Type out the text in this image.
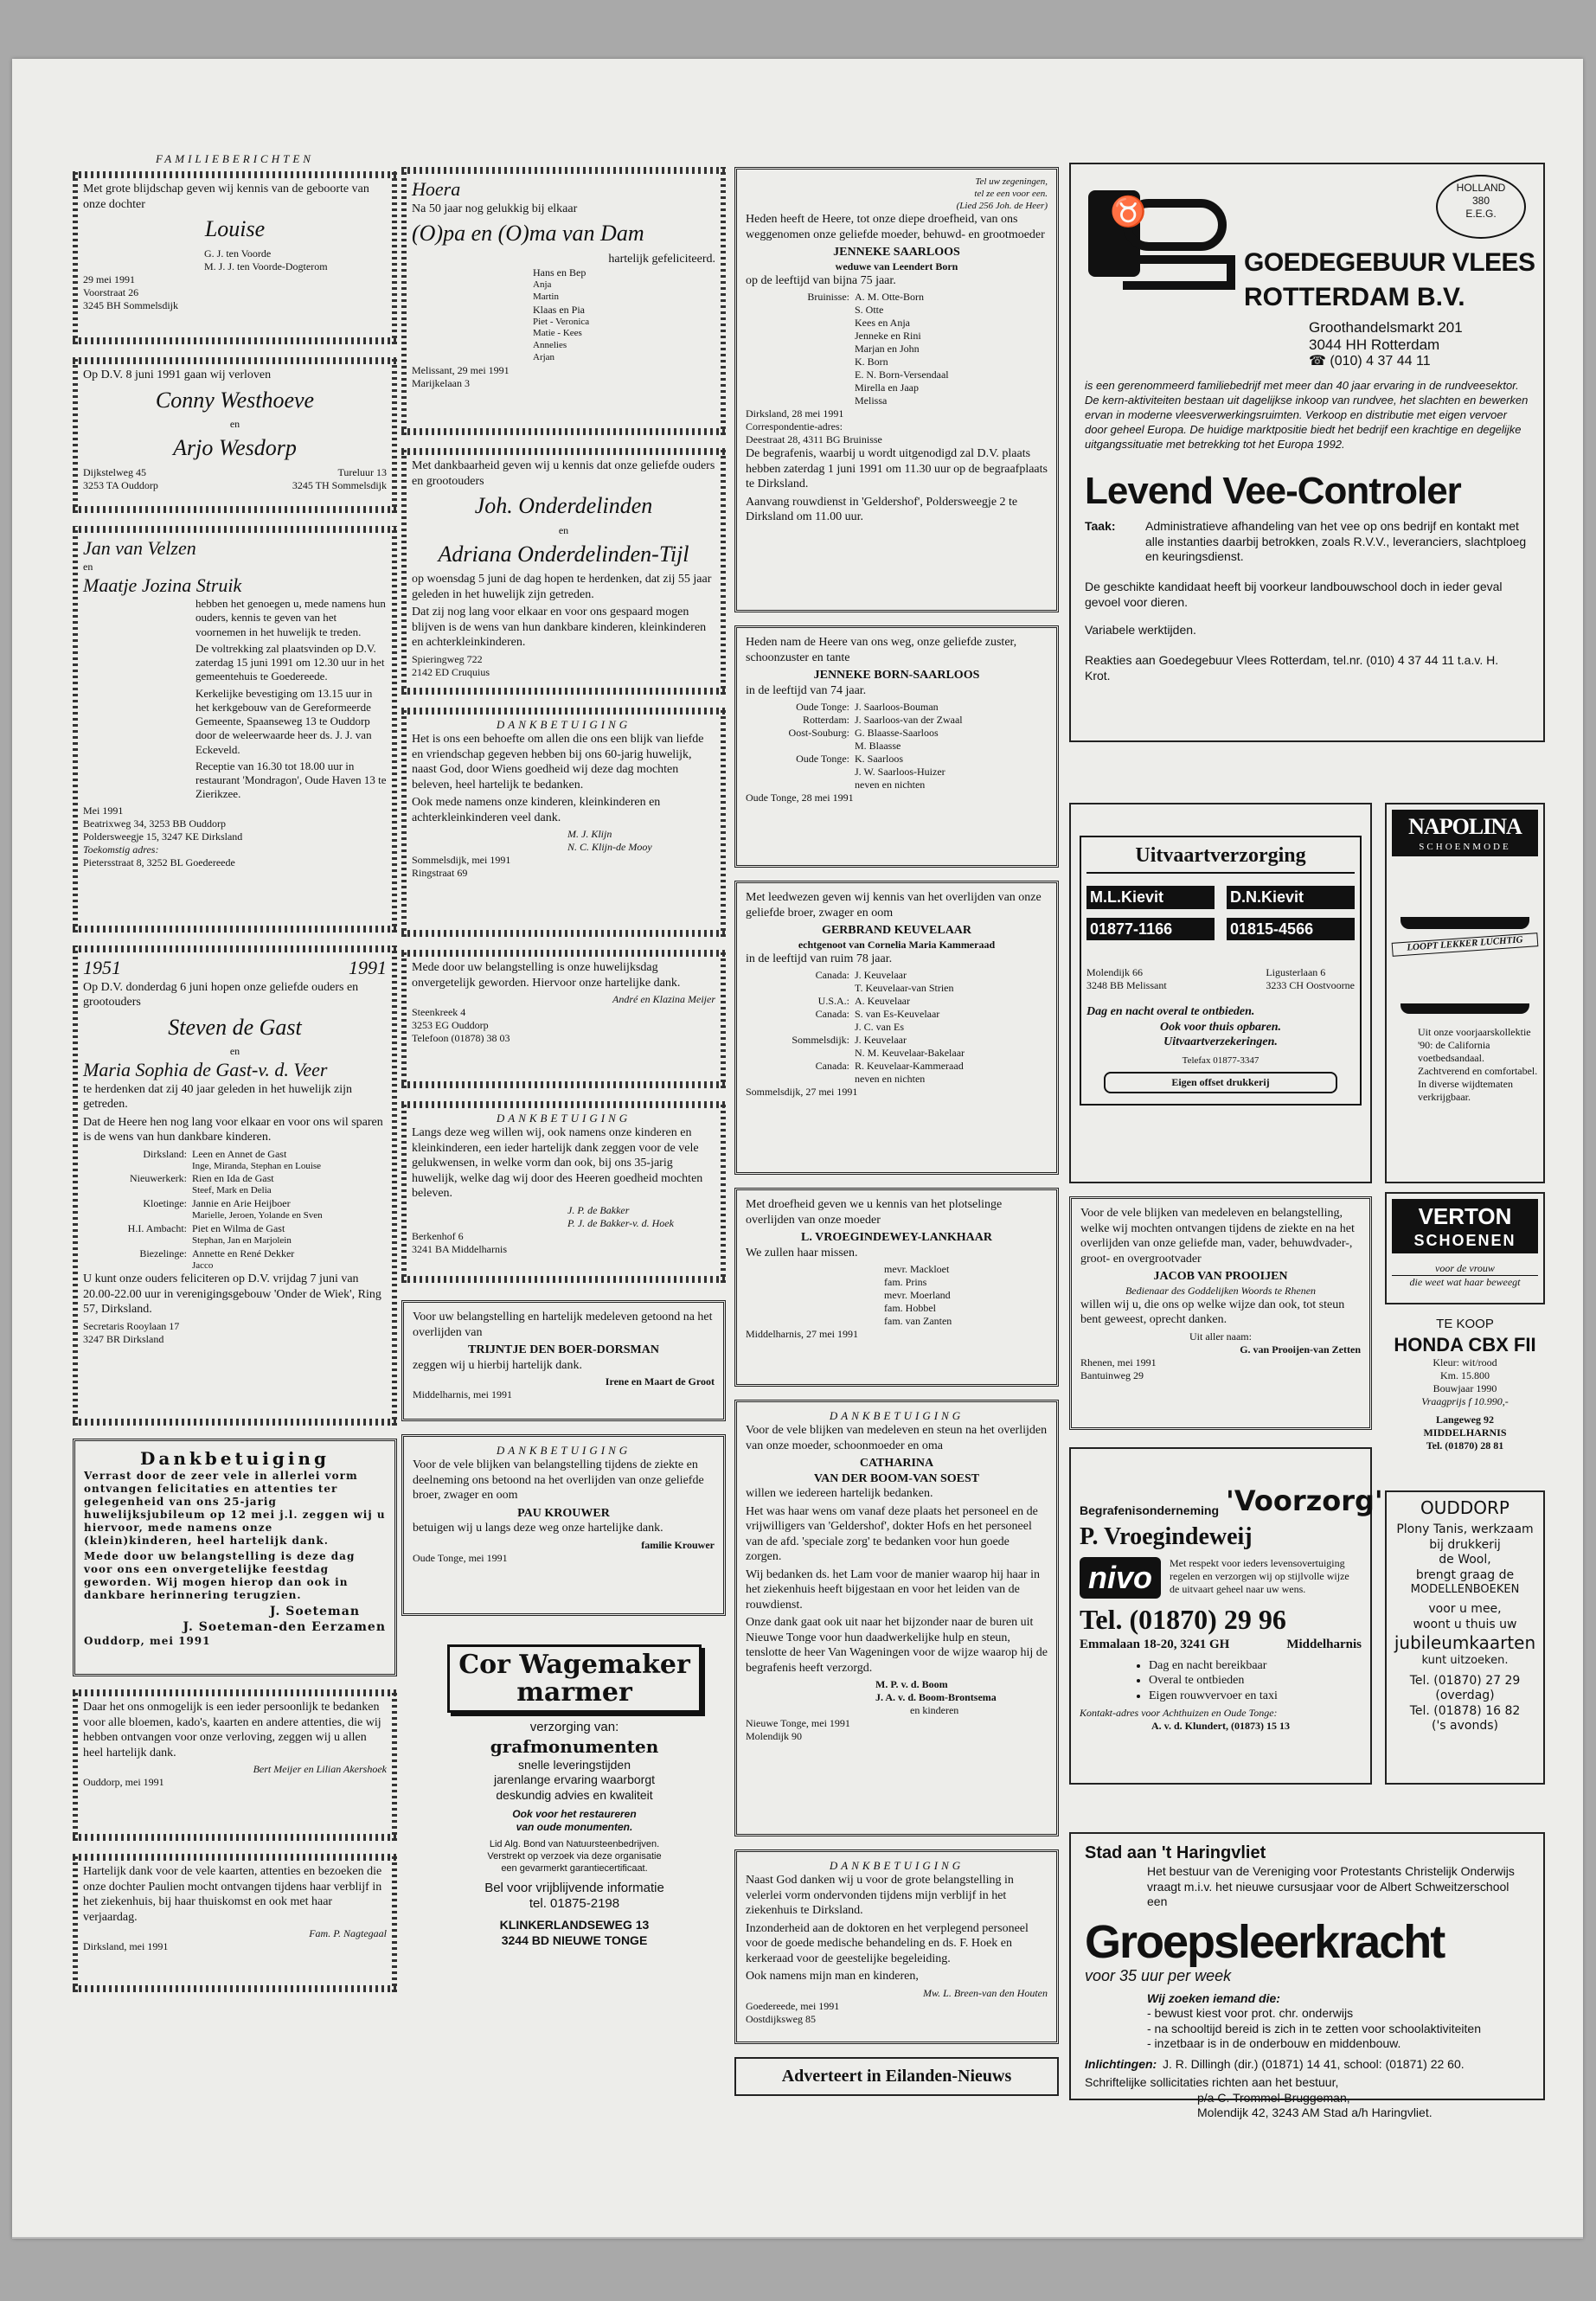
FAMILIEBERICHTEN

Met grote blijdschap geven wij kennis van de geboorte van onze dochter

Louise
G. J. ten Voorde
M. J. J. ten Voorde-Dogterom
29 mei 1991
Voorstraat 26
3245 BH Sommelsdijk

Op D.V. 8 juni 1991 gaan wij verloven

Conny Westhoeve
en
Arjo Wesdorp
Dijkstelweg 45	Tureluur 13
3253 TA Ouddorp	3245 TH Sommelsdijk
Jan van Velzen
en
Maatje Jozina Struik

hebben het genoegen u, mede namens hun ouders, kennis te geven van het voornemen in het huwelijk te treden.

De voltrekking zal plaatsvinden op D.V. zaterdag 15 juni 1991 om 12.30 uur in het gemeentehuis te Goedereede.

Kerkelijke bevestiging om 13.15 uur in het kerkgebouw van de Gereformeerde Gemeente, Spaanseweg 13 te Ouddorp door de weleerwaarde heer ds. J. J. van Eckeveld.

Receptie van 16.30 tot 18.00 uur in restaurant 'Mondragon', Oude Haven 13 te Zierikzee.

Mei 1991
Beatrixweg 34, 3253 BB Ouddorp
Poldersweegje 15, 3247 KE Dirksland
Toekomstig adres:
Pietersstraat 8, 3252 BL Goedereede
1951	1991

Op D.V. donderdag 6 juni hopen onze geliefde ouders en grootouders

Steven de Gast
en
Maria Sophia de Gast-v. d. Veer

te herdenken dat zij 40 jaar geleden in het huwelijk zijn getreden.

Dat de Heere hen nog lang voor elkaar en voor ons wil sparen is de wens van hun dankbare kinderen.

Dirksland: Leen en Annet de Gast
Inge, Miranda, Stephan en Louise
Nieuwerkerk: Rien en Ida de Gast
Steef, Mark en Delia
Kloetinge: Jannie en Arie Heijboer
Marielle, Jeroen, Yolande en Sven
H.I. Ambacht: Piet en Wilma de Gast
Stephan, Jan en Marjolein
Biezelinge: Annette en René Dekker
Jacco

U kunt onze ouders feliciteren op D.V. vrijdag 7 juni van 20.00-22.00 uur in verenigingsgebouw 'Onder de Wiek', Ring 57, Dirksland.

Secretaris Rooylaan 17
3247 BR Dirksland
Dankbetuiging

Verrast door de zeer vele in allerlei vorm ontvangen felicitaties en attenties ter gelegenheid van ons 25-jarig huwelijksjubileum op 12 mei j.l. zeggen wij u hiervoor, mede namens onze (klein)kinderen, heel hartelijk dank.

Mede door uw belangstelling is deze dag voor ons een onvergetelijke feestdag geworden. Wij mogen hierop dan ook in dankbare herinnering terugzien.

J. Soeteman
J. Soeteman-den Eerzamen
Ouddorp, mei 1991

Daar het ons onmogelijk is een ieder persoonlijk te bedanken voor alle bloemen, kado's, kaarten en andere attenties, die wij hebben ontvangen voor onze verloving, zeggen wij u allen heel hartelijk dank.

Bert Meijer en Lilian Akershoek
Ouddorp, mei 1991

Hartelijk dank voor de vele kaarten, attenties en bezoeken die onze dochter Paulien mocht ontvangen tijdens haar verblijf in het ziekenhuis, bij haar thuiskomst en ook met haar verjaardag.

Fam. P. Nagtegaal
Dirksland, mei 1991
Hoera
Na 50 jaar nog gelukkig bij elkaar
(O)pa en (O)ma van Dam
hartelijk gefeliciteerd.
Hans en Bep
Anja
Martin
Klaas en Pia
Piet - Veronica
Matie - Kees
Annelies
Arjan
Melissant, 29 mei 1991
Marijkelaan 3

Met dankbaarheid geven wij u kennis dat onze geliefde ouders en grootouders

Joh. Onderdelinden
en
Adriana Onderdelinden-Tijl

op woensdag 5 juni de dag hopen te herdenken, dat zij 55 jaar geleden in het huwelijk zijn getreden.

Dat zij nog lang voor elkaar en voor ons gespaard mogen blijven is de wens van hun dankbare kinderen, kleinkinderen en achterkleinkinderen.

Spieringweg 722
2142 ED Cruquius
DANKBETUIGING

Het is ons een behoefte om allen die ons een blijk van liefde en vriendschap gegeven hebben bij ons 60-jarig huwelijk, naast God, door Wiens goedheid wij deze dag mochten beleven, heel hartelijk te bedanken.

Ook mede namens onze kinderen, kleinkinderen en achterkleinkinderen veel dank.

M. J. Klijn
N. C. Klijn-de Mooy
Sommelsdijk, mei 1991
Ringstraat 69

Mede door uw belangstelling is onze huwelijksdag onvergetelijk geworden. Hiervoor onze hartelijke dank.

André en Klazina Meijer
Steenkreek 4
3253 EG Ouddorp
Telefoon (01878) 38 03
DANKBETUIGING

Langs deze weg willen wij, ook namens onze kinderen en kleinkinderen, een ieder hartelijk dank zeggen voor de vele gelukwensen, in welke vorm dan ook, bij ons 35-jarig huwelijk, welke dag wij door des Heeren goedheid mochten beleven.

J. P. de Bakker
P. J. de Bakker-v. d. Hoek
Berkenhof 6
3241 BA Middelharnis

Voor uw belangstelling en hartelijk medeleven getoond na het overlijden van

TRIJNTJE DEN BOER-DORSMAN

zeggen wij u hierbij hartelijk dank.

Irene en Maart de Groot
Middelharnis, mei 1991
DANKBETUIGING

Voor de vele blijken van belangstelling tijdens de ziekte en deelneming ons betoond na het overlijden van onze geliefde broer, zwager en oom

PAU KROUWER

betuigen wij u langs deze weg onze hartelijke dank.

familie Krouwer
Oude Tonge, mei 1991
Cor Wagemaker
marmer
verzorging van:
grafmonumenten
snelle leveringstijden
jarenlange ervaring waarborgt
deskundig advies en kwaliteit
Ook voor het restaureren
van oude monumenten.
Lid Alg. Bond van Natuursteenbedrijven.
Verstrekt op verzoek via deze organisatie
een gevarmerkt garantiecertificaat.
Bel voor vrijblijvende informatie
tel. 01875-2198
KLINKERLANDSEWEG 13
3244 BD NIEUWE TONGE
Tel uw zegeningen,
tel ze een voor een.
(Lied 256 Joh. de Heer)

Heden heeft de Heere, tot onze diepe droefheid, van ons weggenomen onze geliefde moeder, behuwd- en grootmoeder

JENNEKE SAARLOOS
weduwe van Leendert Born

op de leeftijd van bijna 75 jaar.

Bruinisse: A. M. Otte-Born
S. Otte
Kees en Anja
Jenneke en Rini
Marjan en John
K. Born
E. N. Born-Versendaal
Mirella en Jaap
Melissa
Dirksland, 28 mei 1991
Correspondentie-adres:
Deestraat 28, 4311 BG Bruinisse

De begrafenis, waarbij u wordt uitgenodigd zal D.V. plaats hebben zaterdag 1 juni 1991 om 11.30 uur op de begraafplaats te Dirksland.

Aanvang rouwdienst in 'Geldershof', Poldersweegje 2 te Dirksland om 11.00 uur.

Heden nam de Heere van ons weg, onze geliefde zuster, schoonzuster en tante

JENNEKE BORN-SAARLOOS

in de leeftijd van 74 jaar.

Oude Tonge: J. Saarloos-Bouman
Rotterdam: J. Saarloos-van der Zwaal
Oost-Souburg: G. Blaasse-Saarloos
M. Blaasse
Oude Tonge: K. Saarloos
J. W. Saarloos-Huizer
neven en nichten
Oude Tonge, 28 mei 1991

Met leedwezen geven wij kennis van het overlijden van onze geliefde broer, zwager en oom

GERBRAND KEUVELAAR
echtgenoot van Cornelia Maria Kammeraad

in de leeftijd van ruim 78 jaar.

Canada: J. Keuvelaar
T. Keuvelaar-van Strien
U.S.A.: A. Keuvelaar
Canada: S. van Es-Keuvelaar
J. C. van Es
Sommelsdijk: J. Keuvelaar
N. M. Keuvelaar-Bakelaar
Canada: R. Keuvelaar-Kammeraad
neven en nichten
Sommelsdijk, 27 mei 1991

Met droefheid geven we u kennis van het plotselinge overlijden van onze moeder

L. VROEGINDEWEY-LANKHAAR

We zullen haar missen.

mevr. Mackloet
fam. Prins
mevr. Moerland
fam. Hobbel
fam. van Zanten
Middelharnis, 27 mei 1991
DANKBETUIGING

Voor de vele blijken van medeleven en steun na het overlijden van onze moeder, schoonmoeder en oma

CATHARINA
VAN DER BOOM-VAN SOEST

willen we iedereen hartelijk bedanken.

Het was haar wens om vanaf deze plaats het personeel en de vrijwilligers van 'Geldershof', dokter Hofs en het personeel van de afd. 'speciale zorg' te bedanken voor hun goede zorgen.

Wij bedanken ds. het Lam voor de manier waarop hij haar in het ziekenhuis heeft bijgestaan en voor het leiden van de rouwdienst.

Onze dank gaat ook uit naar het bijzonder naar de buren uit Nieuwe Tonge voor hun daadwerkelijke hulp en steun, tenslotte de heer Van Wageningen voor de wijze waarop hij de begrafenis heeft verzorgd.

M. P. v. d. Boom
J. A. v. d. Boom-Brontsema
en kinderen
Nieuwe Tonge, mei 1991
Molendijk 90
DANKBETUIGING

Naast God danken wij u voor de grote belangstelling in velerlei vorm ondervonden tijdens mijn verblijf in het ziekenhuis te Dirksland.

Inzonderheid aan de doktoren en het verplegend personeel voor de goede medische behandeling en ds. F. Hoek en kerkeraad voor de geestelijke begeleiding.

Ook namens mijn man en kinderen,

Mw. L. Breen-van den Houten
Goedereede, mei 1991
Oostdijksweg 85
Adverteert in Eilanden-Nieuws
♉
HOLLAND
380
E.E.G.
GOEDEGEBUUR VLEES
ROTTERDAM B.V.
Groothandelsmarkt 201
3044 HH Rotterdam
☎ (010) 4 37 44 11
is een gerenommeerd familiebedrijf met meer dan 40 jaar ervaring in de rundveesektor. De kern-aktiviteiten bestaan uit dagelijkse inkoop van rundvee, het slachten en bewerken ervan in moderne vleesverwerkingsruimten. Verkoop en distributie met eigen vervoer door geheel Europa. De huidige marktpositie biedt het bedrijf een krachtige en degelijke uitgangssituatie met betrekking tot het Europa 1992.
Levend Vee-Controler
Taak:	Administratieve afhandeling van het vee op ons bedrijf en kontakt met alle instanties daarbij betrokken, zoals R.V.V., leveranciers, slachtploeg en keuringsdienst.
De geschikte kandidaat heeft bij voorkeur landbouwschool doch in ieder geval gevoel voor dieren.
Variabele werktijden.
Reakties aan Goedegebuur Vlees Rotterdam, tel.nr. (010) 4 37 44 11 t.a.v. H. Krot.
Uitvaartverzorging
M.L.Kievit	D.N.Kievit
01877-1166	01815-4566
Molendijk 66
3248 BB Melissant
Ligusterlaan 6
3233 CH Oostvoorne
Dag en nacht overal te ontbieden.
Ook voor thuis opbaren.
Uitvaartverzekeringen.
Telefax 01877-3347
Eigen offset drukkerij
NAPOLINA
SCHOENMODE
LOOPT LEKKER LUCHTIG
Uit onze voorjaarskollektie '90: de California voetbedsandaal. Zachtverend en comfortabel. In diverse wijdtematen verkrijgbaar.
VERTON
SCHOENEN
voor de vrouw
die weet wat haar beweegt

Voor de vele blijken van medeleven en belangstelling, welke wij mochten ontvangen tijdens de ziekte en na het overlijden van onze geliefde man, vader, behuwdvader-, groot- en overgrootvader

JACOB VAN PROOIJEN
Bedienaar des Goddelijken Woords te Rhenen

willen wij u, die ons op welke wijze dan ook, tot steun bent geweest, oprecht danken.

Uit aller naam:
G. van Prooijen-van Zetten
Rhenen, mei 1991
Bantuinweg 29
TE KOOP
HONDA CBX FII
Kleur: wit/rood
Km. 15.800
Bouwjaar 1990
Vraagprijs f 10.990,-
Langeweg 92
MIDDELHARNIS
Tel. (01870) 28 81
Begrafenisonderneming 'Voorzorg'
P. Vroegindeweij
nivo	Met respekt voor ieders levensovertuiging regelen en verzorgen wij op stijlvolle wijze de uitvaart geheel naar uw wens.
Tel. (01870) 29 96
Emmalaan 18-20, 3241 GH	Middelharnis
• Dag en nacht bereikbaar
• Overal te ontbieden
• Eigen rouwvervoer en taxi
Kontakt-adres voor Achthuizen en Oude Tonge:
A. v. d. Klundert, (01873) 15 13
OUDDORP
Plony Tanis, werkzaam
bij drukkerij
de Wool,
brengt graag de
MODELLENBOEKEN
voor u mee,
woont u thuis uw
jubileumkaarten
kunt uitzoeken.
Tel. (01870) 27 29
(overdag)
Tel. (01878) 16 82
('s avonds)
Stad aan 't Haringvliet
Het bestuur van de Vereniging voor Protestants Christelijk Onderwijs vraagt m.i.v. het nieuwe cursusjaar voor de Albert Schweitzerschool een
Groepsleerkracht
voor 35 uur per week
Wij zoeken iemand die:
- bewust kiest voor prot. chr. onderwijs
- na schooltijd bereid is zich in te zetten voor schoolaktiviteiten
- inzetbaar is in de onderbouw en middenbouw.
Inlichtingen: J. R. Dillingh (dir.) (01871) 14 41, school: (01871) 22 60.
Schriftelijke sollicitaties richten aan het bestuur,
p/a C. Trommel-Bruggeman,
Molendijk 42, 3243 AM Stad a/h Haringvliet.
